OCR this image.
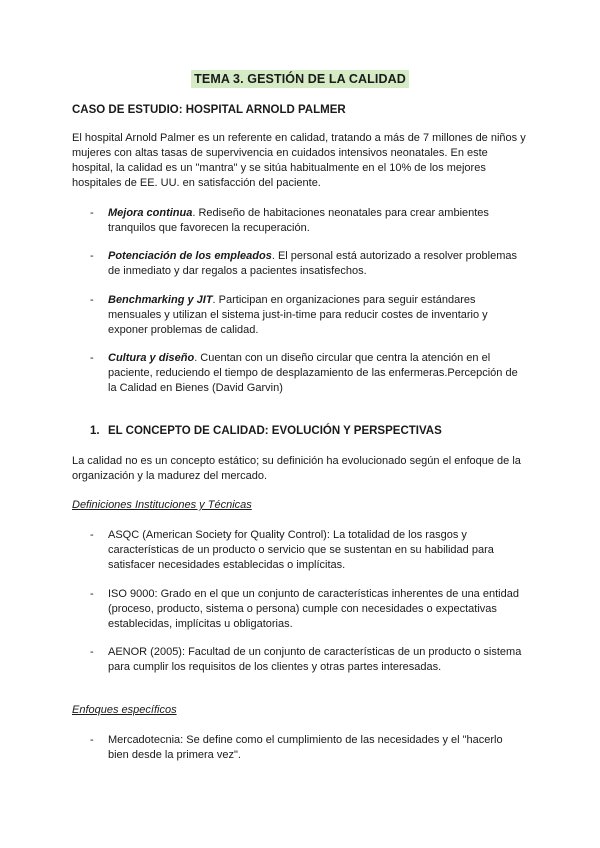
TEMA 3. GESTIÓN DE LA CALIDAD
CASO DE ESTUDIO: HOSPITAL ARNOLD PALMER
El hospital Arnold Palmer es un referente en calidad, tratando a más de 7 millones de niños y mujeres con altas tasas de supervivencia en cuidados intensivos neonatales. En este hospital, la calidad es un "mantra" y se sitúa habitualmente en el 10% de los mejores hospitales de EE. UU. en satisfacción del paciente.
- Mejora continua. Rediseño de habitaciones neonatales para crear ambientes tranquilos que favorecen la recuperación.
- Potenciación de los empleados. El personal está autorizado a resolver problemas de inmediato y dar regalos a pacientes insatisfechos.
- Benchmarking y JIT. Participan en organizaciones para seguir estándares mensuales y utilizan el sistema just-in-time para reducir costes de inventario y exponer problemas de calidad.
- Cultura y diseño. Cuentan con un diseño circular que centra la atención en el paciente, reduciendo el tiempo de desplazamiento de las enfermeras.Percepción de la Calidad en Bienes (David Garvin)
1. EL CONCEPTO DE CALIDAD: EVOLUCIÓN Y PERSPECTIVAS
La calidad no es un concepto estático; su definición ha evolucionado según el enfoque de la organización y la madurez del mercado.
Definiciones Instituciones y Técnicas
- ASQC (American Society for Quality Control): La totalidad de los rasgos y características de un producto o servicio que se sustentan en su habilidad para satisfacer necesidades establecidas o implícitas.
- ISO 9000: Grado en el que un conjunto de características inherentes de una entidad (proceso, producto, sistema o persona) cumple con necesidades o expectativas establecidas, implícitas u obligatorias.
- AENOR (2005): Facultad de un conjunto de características de un producto o sistema para cumplir los requisitos de los clientes y otras partes interesadas.
Enfoques específicos
- Mercadotecnia: Se define como el cumplimiento de las necesidades y el "hacerlo bien desde la primera vez".
